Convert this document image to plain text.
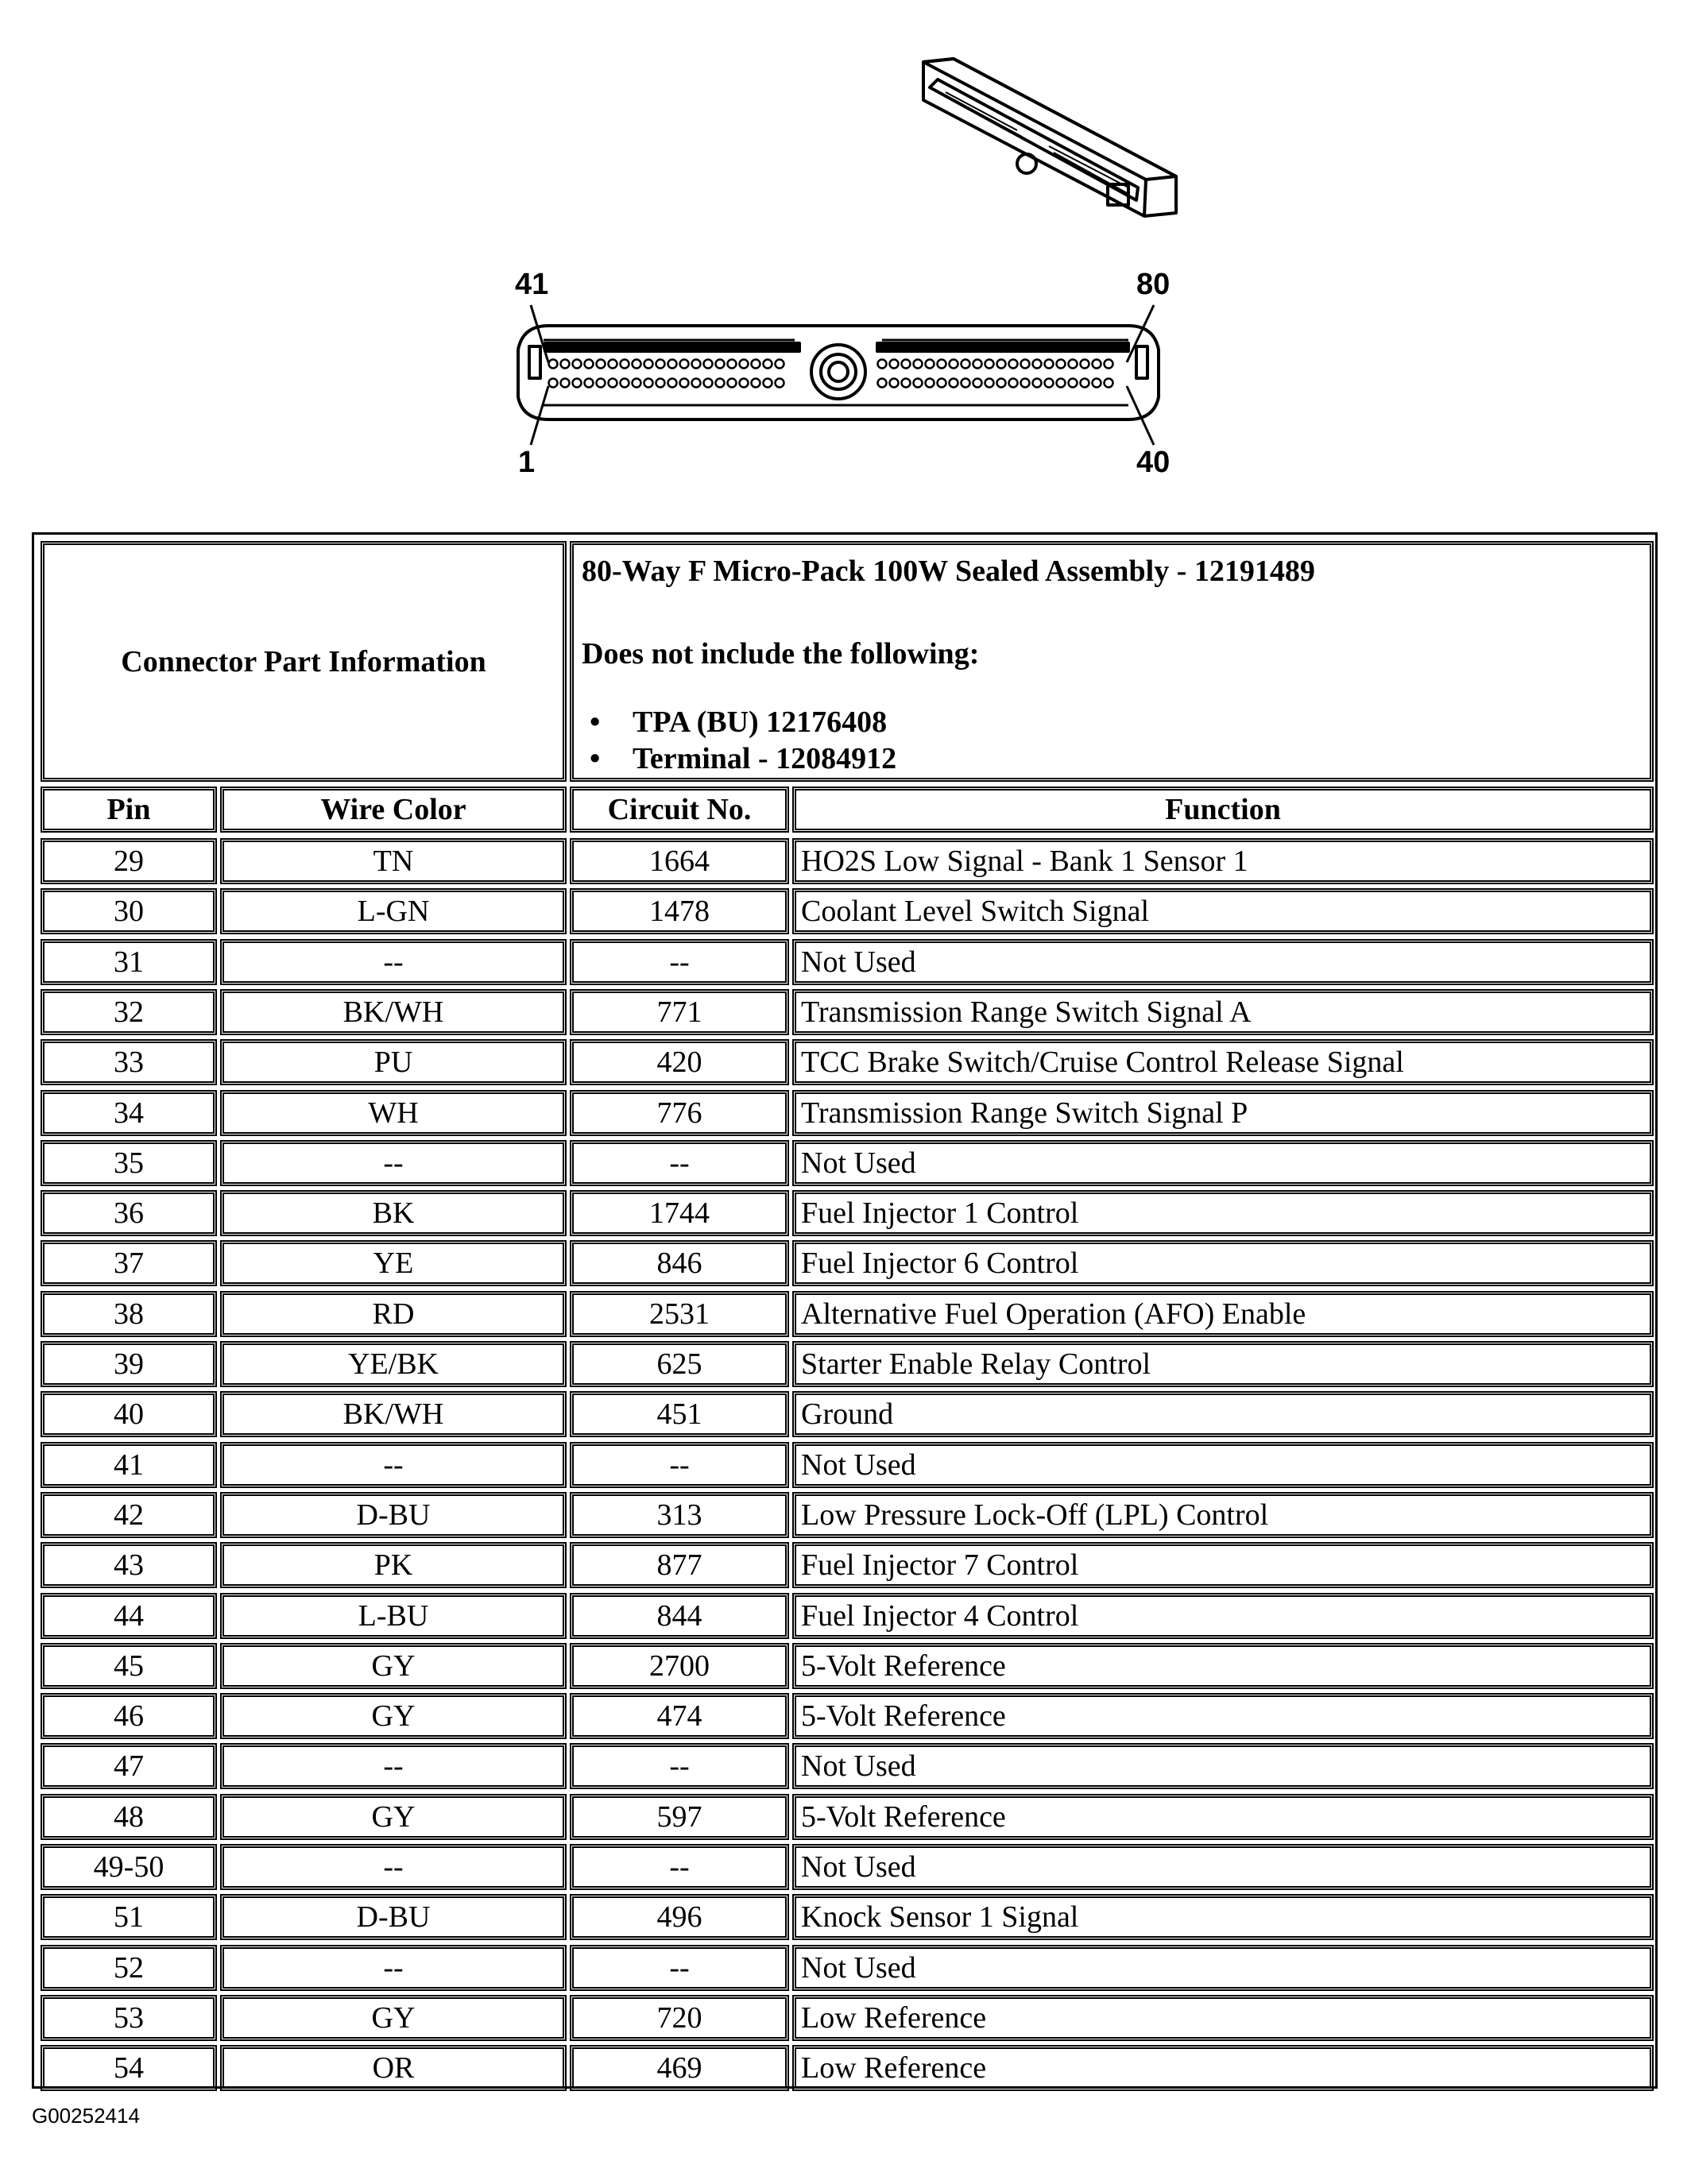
41	80
1	40
Connector Part Information
80-Way F Micro-Pack 100W Sealed Assembly - 12191489
Does not include the following:
• TPA (BU) 12176408
• Terminal - 12084912
Pin	Wire Color	Circuit No.	Function
29	TN	1664	HO2S Low Signal - Bank 1 Sensor 1
30	L-GN	1478	Coolant Level Switch Signal
31	--	--	Not Used
32	BK/WH	771	Transmission Range Switch Signal A
33	PU	420	TCC Brake Switch/Cruise Control Release Signal
34	WH	776	Transmission Range Switch Signal P
35	--	--	Not Used
36	BK	1744	Fuel Injector 1 Control
37	YE	846	Fuel Injector 6 Control
38	RD	2531	Alternative Fuel Operation (AFO) Enable
39	YE/BK	625	Starter Enable Relay Control
40	BK/WH	451	Ground
41	--	--	Not Used
42	D-BU	313	Low Pressure Lock-Off (LPL) Control
43	PK	877	Fuel Injector 7 Control
44	L-BU	844	Fuel Injector 4 Control
45	GY	2700	5-Volt Reference
46	GY	474	5-Volt Reference
47	--	--	Not Used
48	GY	597	5-Volt Reference
49-50	--	--	Not Used
51	D-BU	496	Knock Sensor 1 Signal
52	--	--	Not Used
53	GY	720	Low Reference
54	OR	469	Low Reference
G00252414
